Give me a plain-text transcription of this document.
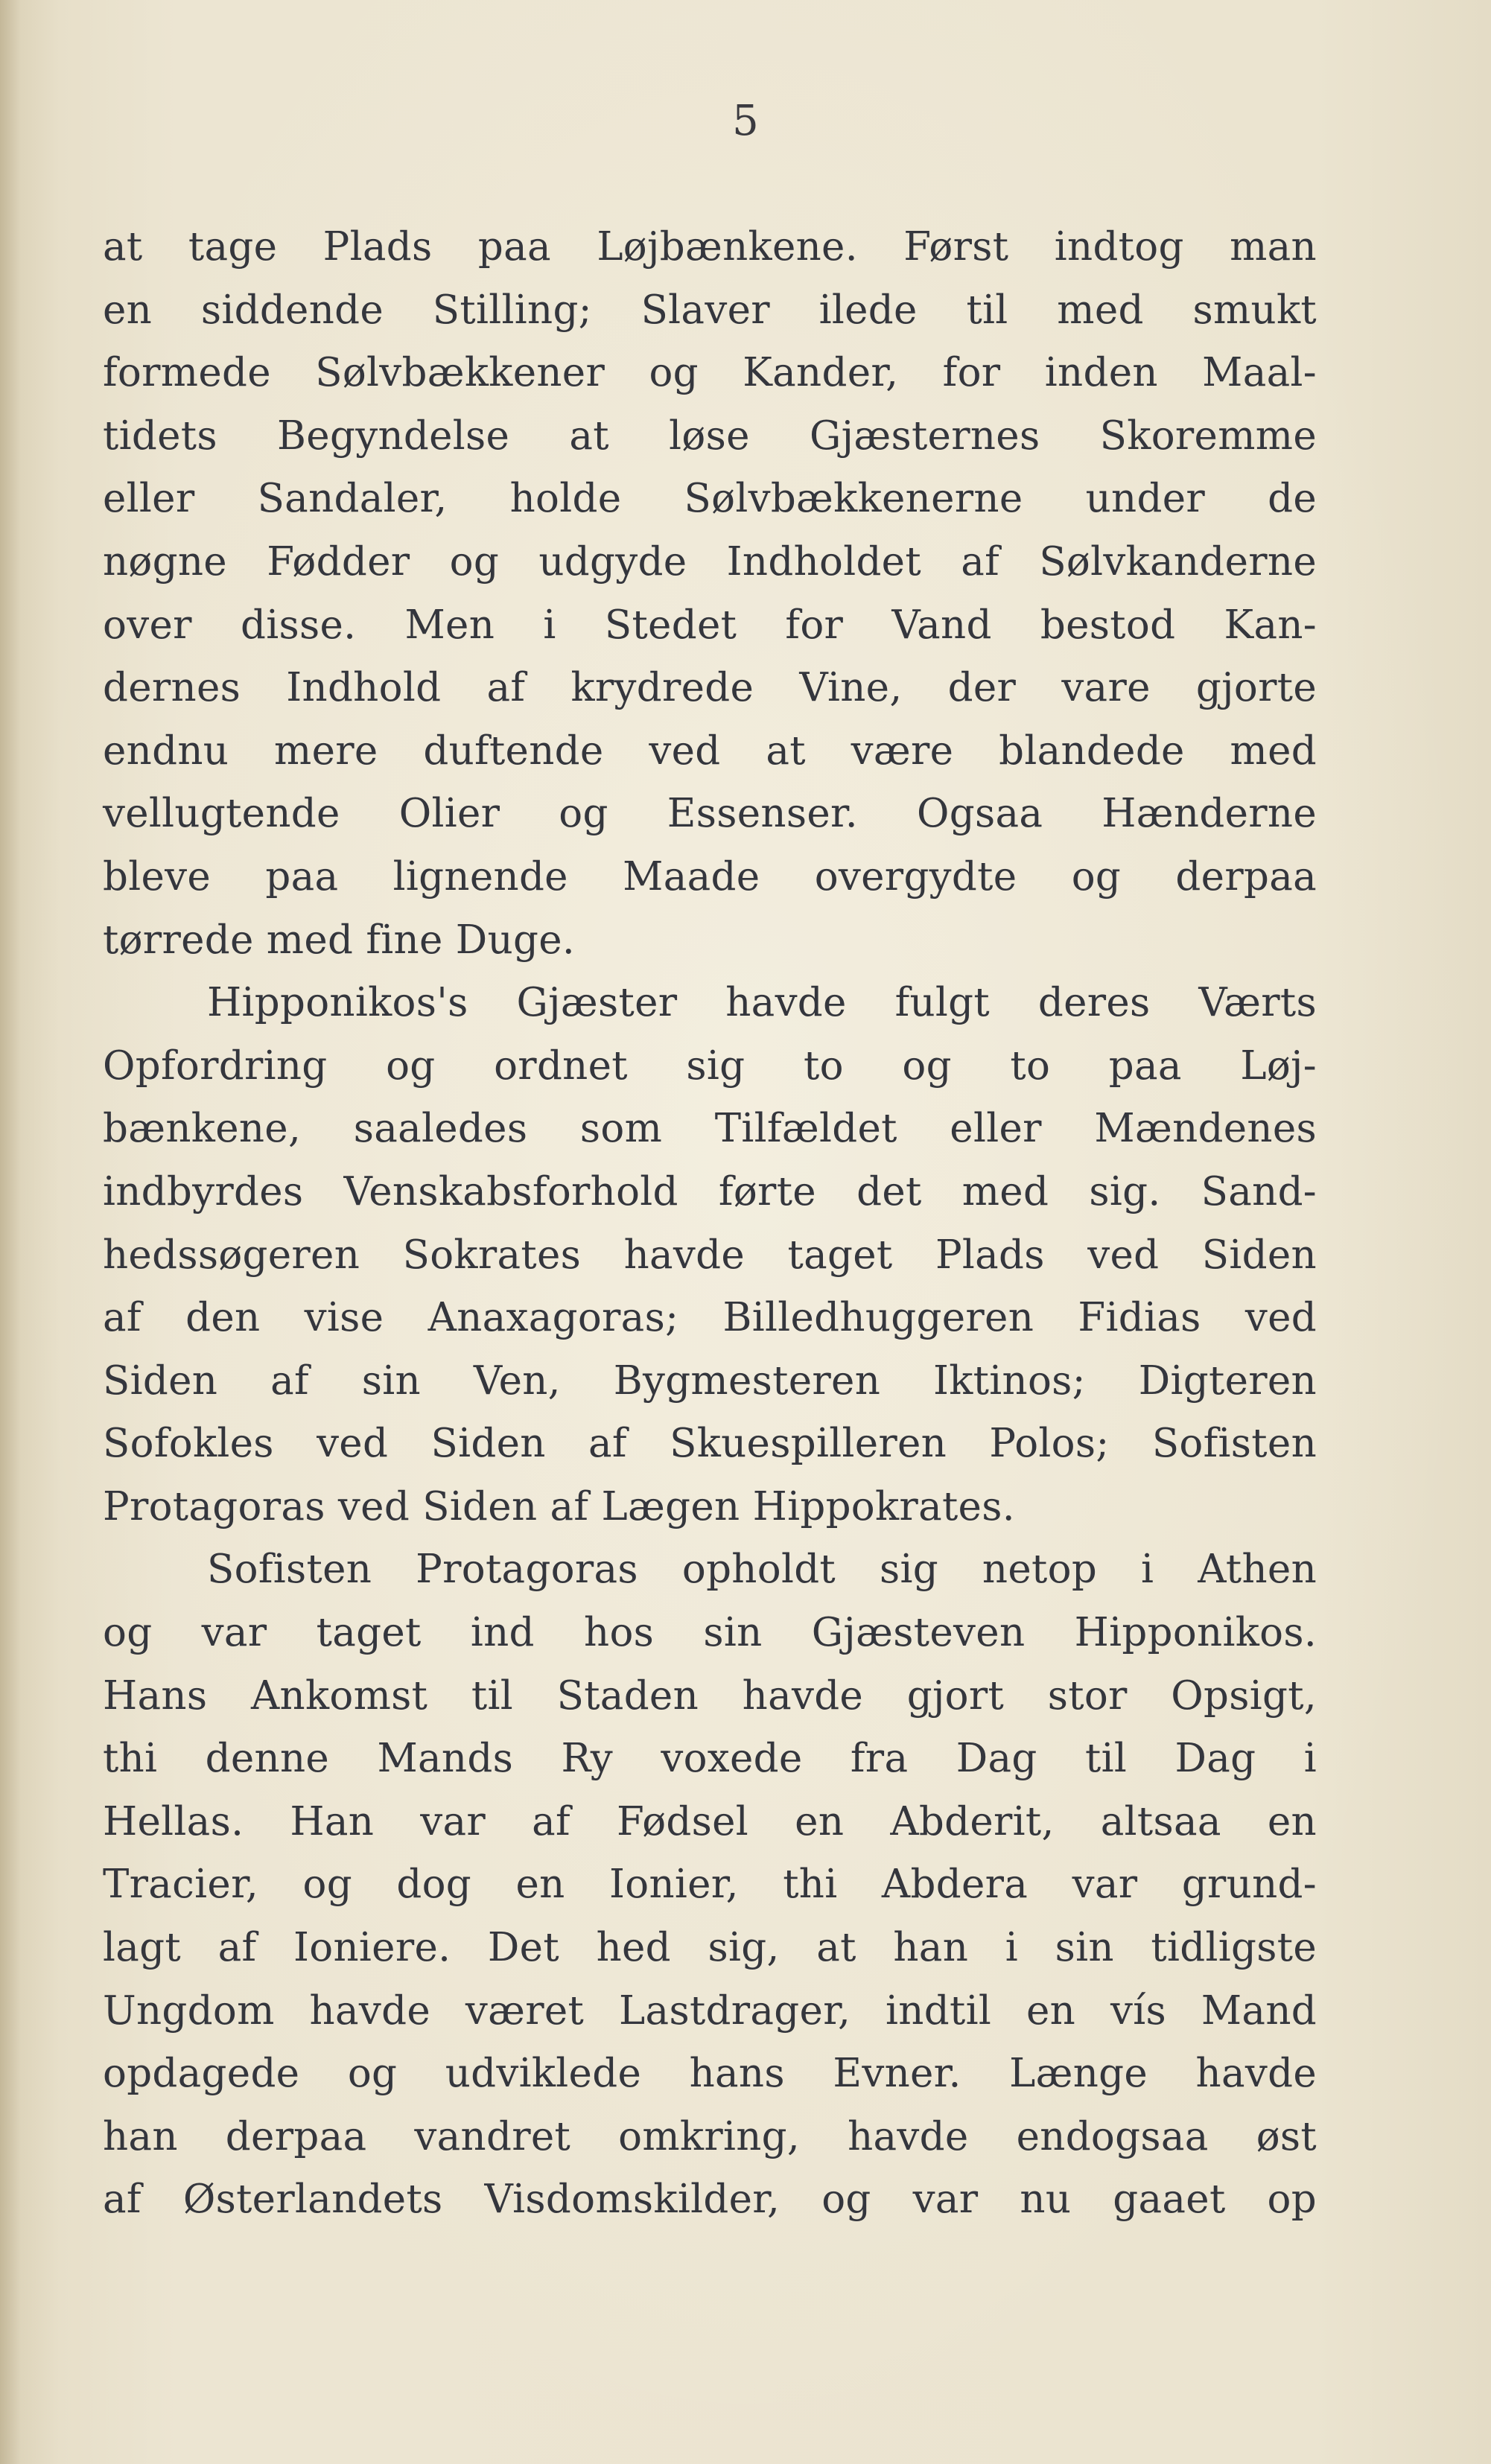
5
at tage Plads paa Løjbænkene. Først indtog man
en siddende Stilling; Slaver ilede til med smukt
formede Sølvbækkener og Kander, for inden Maal-
tidets Begyndelse at løse Gjæsternes Skoremme
eller Sandaler, holde Sølvbækkenerne under de
nøgne Fødder og udgyde Indholdet af Sølvkanderne
over disse. Men i Stedet for Vand bestod Kan-
dernes Indhold af krydrede Vine, der vare gjorte
endnu mere duftende ved at være blandede med
vellugtende Olier og Essenser. Ogsaa Hænderne
bleve paa lignende Maade overgydte og derpaa
tørrede med fine Duge.
Hipponikos's Gjæster havde fulgt deres Værts
Opfordring og ordnet sig to og to paa Løj-
bænkene, saaledes som Tilfældet eller Mændenes
indbyrdes Venskabsforhold førte det med sig. Sand-
hedssøgeren Sokrates havde taget Plads ved Siden
af den vise Anaxagoras; Billedhuggeren Fidias ved
Siden af sin Ven, Bygmesteren Iktinos; Digteren
Sofokles ved Siden af Skuespilleren Polos; Sofisten
Protagoras ved Siden af Lægen Hippokrates.
Sofisten Protagoras opholdt sig netop i Athen
og var taget ind hos sin Gjæsteven Hipponikos.
Hans Ankomst til Staden havde gjort stor Opsigt,
thi denne Mands Ry voxede fra Dag til Dag i
Hellas. Han var af Fødsel en Abderit, altsaa en
Tracier, og dog en Ionier, thi Abdera var grund-
lagt af Ioniere. Det hed sig, at han i sin tidligste
Ungdom havde været Lastdrager, indtil en vís Mand
opdagede og udviklede hans Evner. Længe havde
han derpaa vandret omkring, havde endogsaa øst
af Østerlandets Visdomskilder, og var nu gaaet op
